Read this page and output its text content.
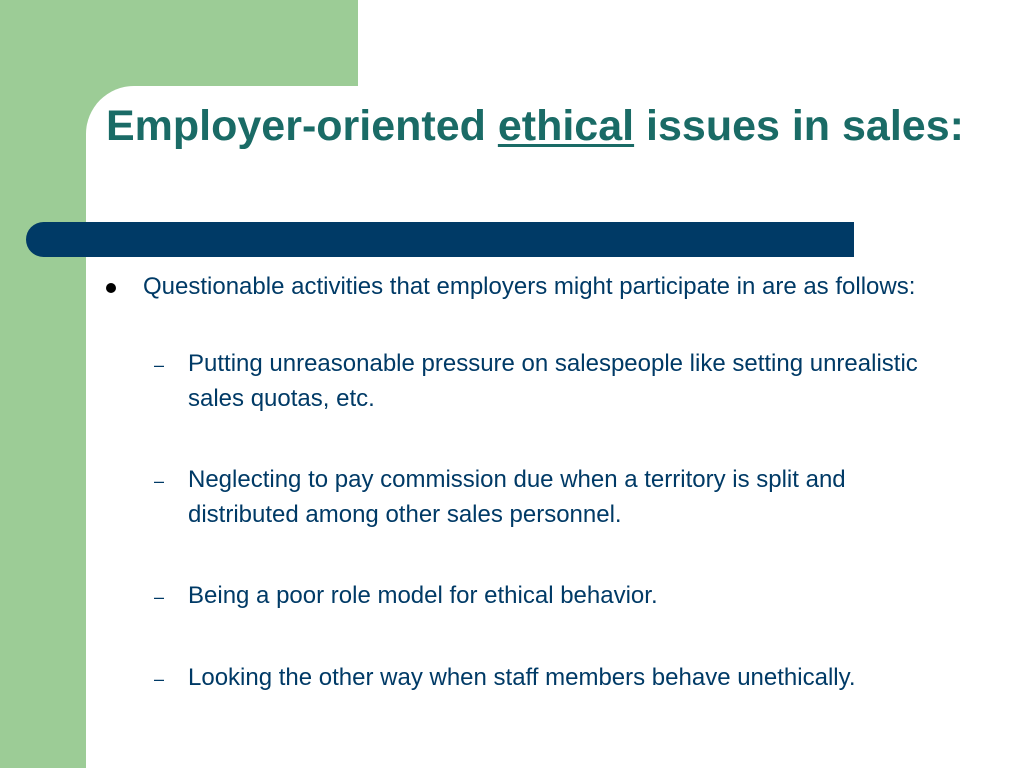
Employer-oriented ethical issues in sales:
Questionable activities that employers might participate in are as follows:
– Putting unreasonable pressure on salespeople like setting unrealistic sales quotas, etc.
– Neglecting to pay commission due when a territory is split and distributed among other sales personnel.
– Being a poor role model for ethical behavior.
– Looking the other way when staff members behave unethically.
